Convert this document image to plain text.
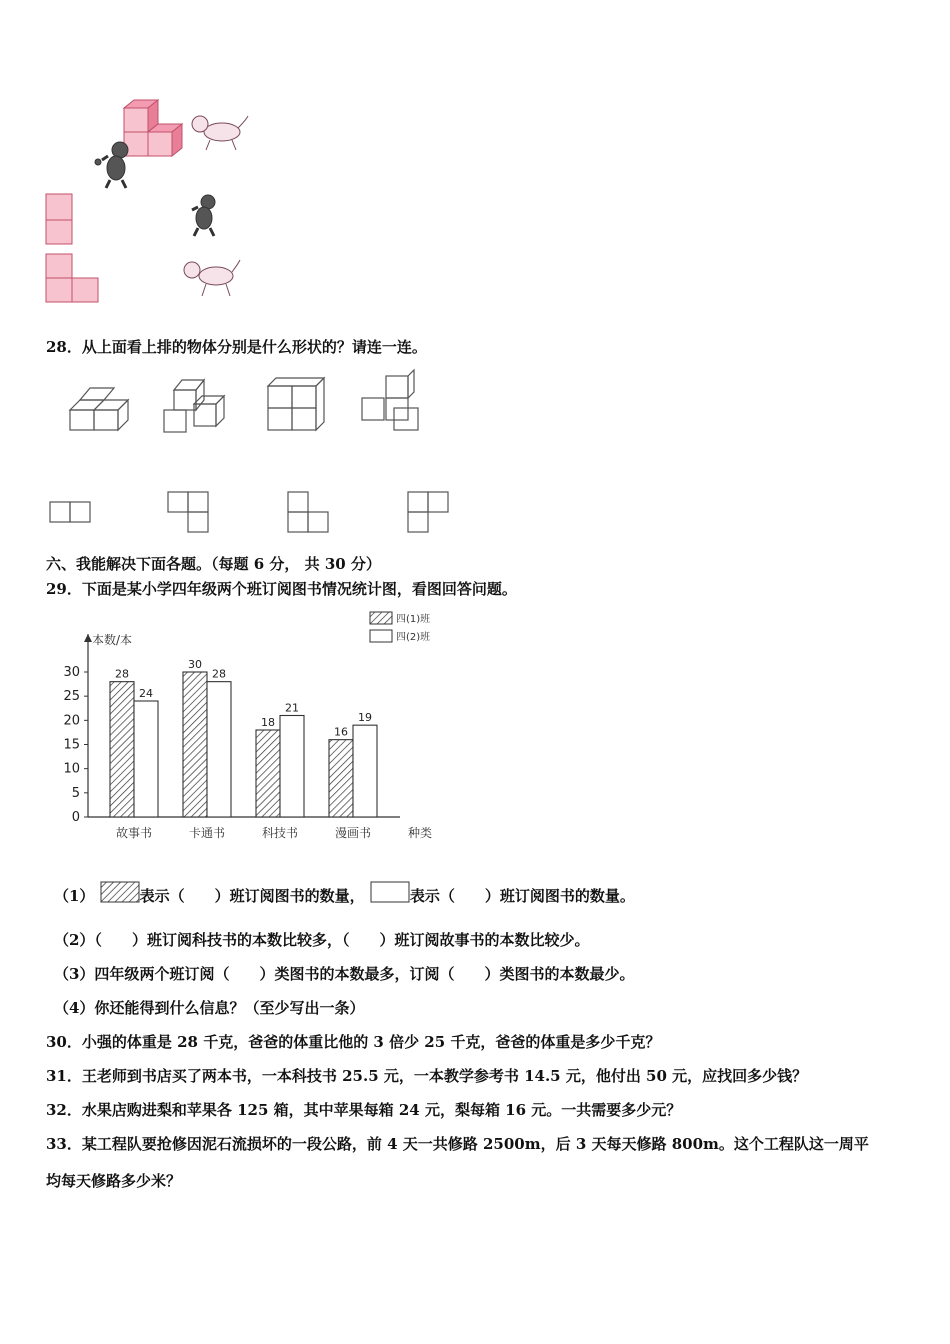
28．从上面看上排的物体分别是什么形状的？请连一连。
六、我能解决下面各题。（每题 6 分， 共 30 分）
29．下面是某小学四年级两个班订阅图书情况统计图，看图回答问题。
本数/本
种类
0
5
10
15
20
25
30	28
24
故事书
30
28
卡通书
18
21
科技书
16
19
漫画书
四(1)班
四(2)班
（1）	表示（　　）班订阅图书的数量，	表示（　　）班订阅图书的数量。
（2）（　　）班订阅科技书的本数比较多，（　　）班订阅故事书的本数比较少。
（3）四年级两个班订阅（　　）类图书的本数最多，订阅（　　）类图书的本数最少。
（4）你还能得到什么信息？（至少写出一条）
30．小强的体重是 28 千克，爸爸的体重比他的 3 倍少 25 千克，爸爸的体重是多少千克？
31．王老师到书店买了两本书，一本科技书 25.5 元，一本教学参考书 14.5 元，他付出 50 元，应找回多少钱？
32．水果店购进梨和苹果各 125 箱，其中苹果每箱 24 元，梨每箱 16 元。一共需要多少元？
33．某工程队要抢修因泥石流损坏的一段公路，前 4 天一共修路 2500m，后 3 天每天修路 800m。这个工程队这一周平
均每天修路多少米？
